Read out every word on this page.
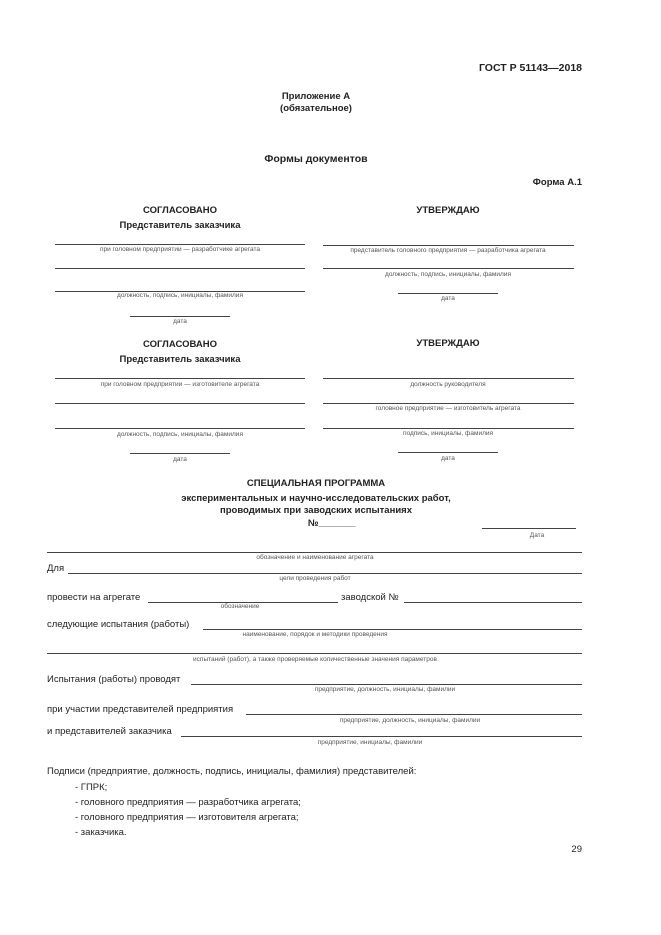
ГОСТ Р 51143—2018
Приложение А
(обязательное)
Формы документов
Форма А.1
СОГЛАСОВАНО
Представитель заказчика
при головном предприятии — разработчике агрегата
должность, подпись, инициалы, фамилия
дата
УТВЕРЖДАЮ
представитель головного предприятия — разработчика агрегата
должность, подпись, инициалы, фамилия
дата
СОГЛАСОВАНО
Представитель заказчика
при головном предприятии — изготовителе агрегата
должность, подпись, инициалы, фамилия
дата
УТВЕРЖДАЮ
должность руководителя
головное предприятие — изготовитель агрегата
подпись, инициалы, фамилия
дата
СПЕЦИАЛЬНАЯ ПРОГРАММА
экспериментальных и научно-исследовательских работ,
проводимых при заводских испытаниях
№_______
Дата
обозначение и наименование агрегата
Для
цели проведения работ
провести на агрегате	заводской №
обозначение
следующие испытания (работы)
наименование, порядок и методики проведения
испытаний (работ), а также проверяемые количественные значения параметров
Испытания (работы) проводят
предприятие, должность, инициалы, фамилии
при участии представителей предприятия
предприятие, должность, инициалы, фамилии
и представителей заказчика
предприятие, инициалы, фамилии
Подписи (предприятие, должность, подпись, инициалы, фамилия) представителей:
- ГПРК;
- головного предприятия — разработчика агрегата;
- головного предприятия — изготовителя агрегата;
- заказчика.
29
